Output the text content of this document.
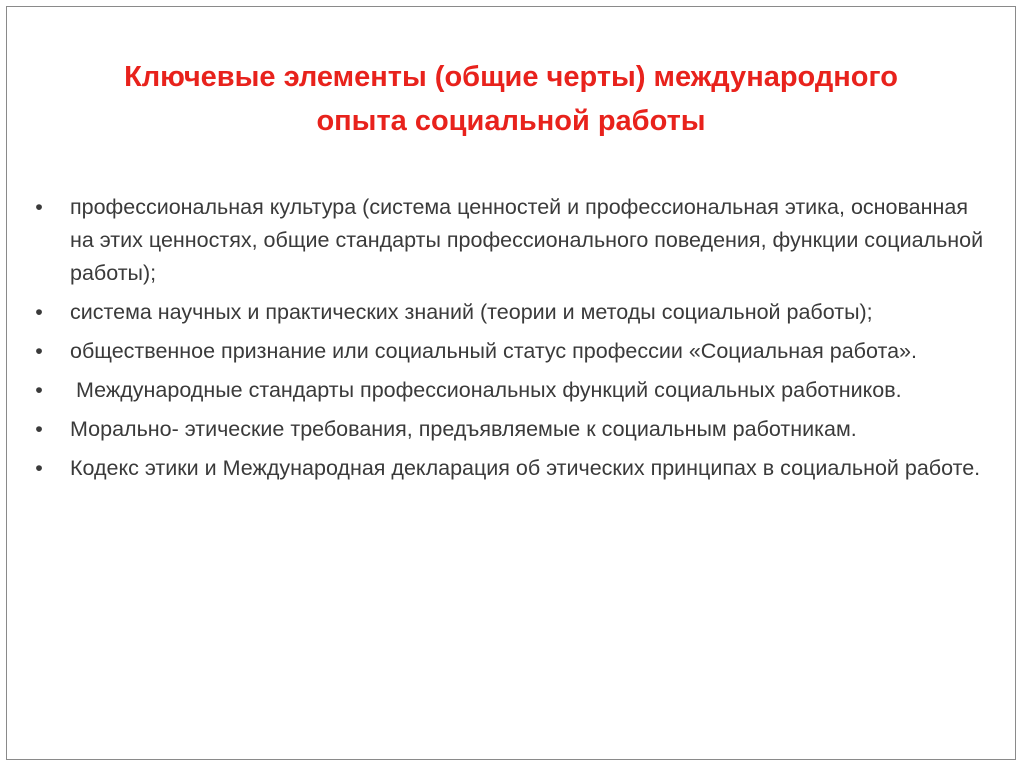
Ключевые элементы (общие черты) международного
опыта социальной работы
• профессиональная культура (система ценностей и профессиональная этика, основанная на этих ценностях, общие стандарты профессионального поведения, функции социальной работы);
• система научных и практических знаний (теории и методы социальной работы);
• общественное признание или социальный статус профессии «Социальная работа».
• Международные стандарты профессиональных функций социальных работников.
• Морально- этические требования, предъявляемые к социальным работникам.
• Кодекс этики и Международная декларация об этических принципах в социальной работе.
